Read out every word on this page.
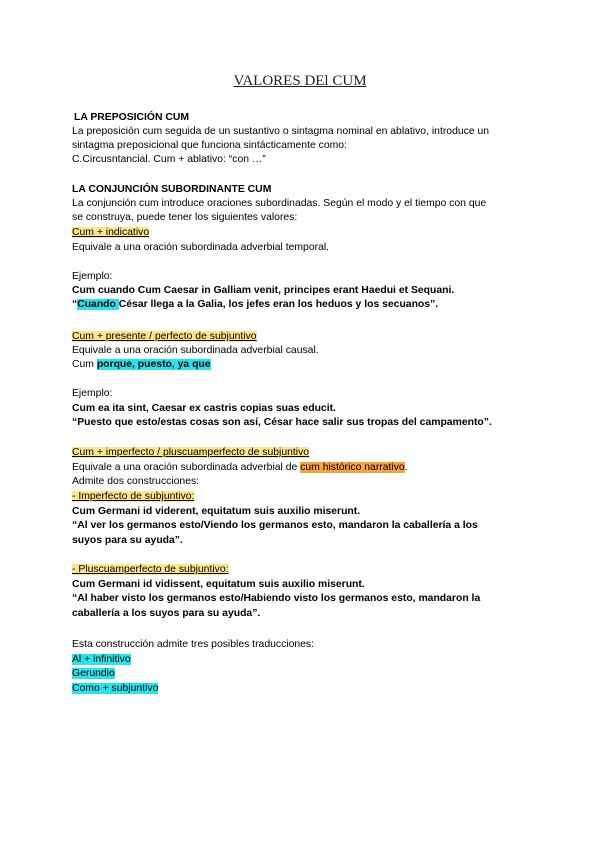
VALORES DEl CUM
LA PREPOSICIÓN CUM
La preposición cum seguida de un sustantivo o sintagma nominal en ablativo, introduce un
sintagma preposicional que funciona sintácticamente como:
C.Circusntancial. Cum + ablativo: “con …”
LA CONJUNCIÓN SUBORDINANTE CUM
La conjunción cum introduce oraciones subordinadas. Según el modo y el tiempo con que
se construya, puede tener los siguientes valores:
Cum + indicativo
Equivale a una oración subordinada adverbial temporal.
Ejemplo:
Cum cuando Cum Caesar in Galliam venit, principes erant Haedui et Sequani.
“Cuando César llega a la Galia, los jefes eran los heduos y los secuanos”.
Cum + presente / perfecto de subjuntivo
Equivale a una oración subordinada adverbial causal.
Cum porque, puesto, ya que
Ejemplo:
Cum ea ita sint, Caesar ex castris copias suas educit.
“Puesto que esto/estas cosas son así, César hace salir sus tropas del campamento”.
Cum + imperfecto / pluscuamperfecto de subjuntivo
Equivale a una oración subordinada adverbial de cum histórico narrativo.
Admite dos construcciones:
- Imperfecto de subjuntivo:
Cum Germani id viderent, equitatum suis auxilio miserunt.
“Al ver los germanos esto/Viendo los germanos esto, mandaron la caballería a los
suyos para su ayuda”.
- Pluscuamperfecto de subjuntivo:
Cum Germani id vidissent, equitatum suis auxilio miserunt.
“Al haber visto los germanos esto/Habiendo visto los germanos esto, mandaron la
caballería a los suyos para su ayuda”.
Esta construcción admite tres posibles traducciones:
Al + infinitivo
Gerundio
Como + subjuntivo
